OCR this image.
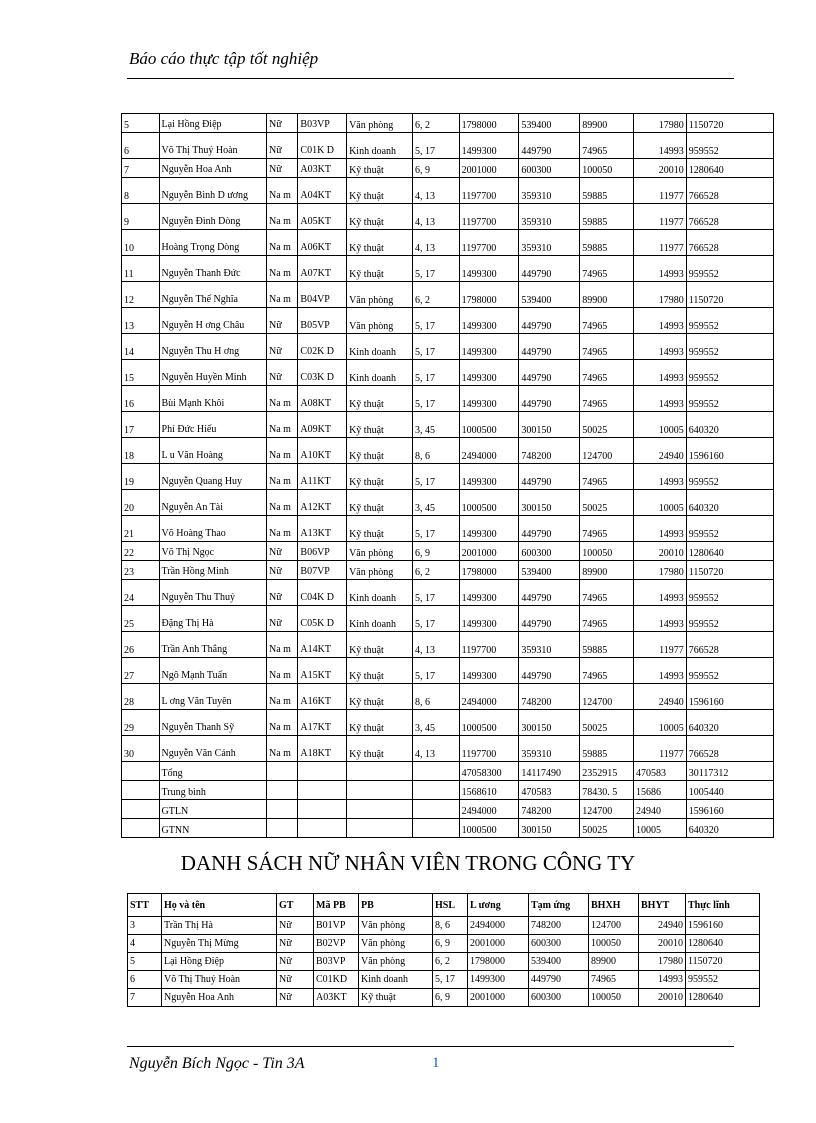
Báo cáo thực tập tốt nghiệp
5	Lại Hồng Điệp	Nữ	B03VP	Văn phòng	6, 2	1798000	539400	89900	17980	1150720
6	Võ Thị Thuý Hoàn	Nữ	C01K D	Kinh doanh	5, 17	1499300	449790	74965	14993	959552
7	Nguyễn Hoa Anh	Nữ	A03KT	Kỹ thuật	6, 9	2001000	600300	100050	20010	1280640
8	Nguyễn Bình D ương	Na m	A04KT	Kỹ thuật	4, 13	1197700	359310	59885	11977	766528
9	Nguyễn Đình Dòng	Na m	A05KT	Kỹ thuật	4, 13	1197700	359310	59885	11977	766528
10	Hoàng Trọng Dòng	Na m	A06KT	Kỹ thuật	4, 13	1197700	359310	59885	11977	766528
11	Nguyễn Thanh Đức	Na m	A07KT	Kỹ thuật	5, 17	1499300	449790	74965	14993	959552
12	Nguyễn Thế Nghĩa	Na m	B04VP	Văn phòng	6, 2	1798000	539400	89900	17980	1150720
13	Nguyễn H ơng Châu	Nữ	B05VP	Văn phòng	5, 17	1499300	449790	74965	14993	959552
14	Nguyễn Thu H ơng	Nữ	C02K D	Kinh doanh	5, 17	1499300	449790	74965	14993	959552
15	Nguyễn Huyền Minh	Nữ	C03K D	Kinh doanh	5, 17	1499300	449790	74965	14993	959552
16	Bùi Mạnh Khôi	Na m	A08KT	Kỹ thuật	5, 17	1499300	449790	74965	14993	959552
17	Phí Đức Hiếu	Na m	A09KT	Kỹ thuật	3, 45	1000500	300150	50025	10005	640320
18	L u Văn Hoàng	Na m	A10KT	Kỹ thuật	8, 6	2494000	748200	124700	24940	1596160
19	Nguyễn Quang Huy	Na m	A11KT	Kỹ thuật	5, 17	1499300	449790	74965	14993	959552
20	Nguyễn An Tài	Na m	A12KT	Kỹ thuật	3, 45	1000500	300150	50025	10005	640320
21	Võ Hoàng Thao	Na m	A13KT	Kỹ thuật	5, 17	1499300	449790	74965	14993	959552
22	Võ Thị Ngọc	Nữ	B06VP	Văn phòng	6, 9	2001000	600300	100050	20010	1280640
23	Trần Hồng Minh	Nữ	B07VP	Văn phòng	6, 2	1798000	539400	89900	17980	1150720
24	Nguyễn Thu Thuỷ	Nữ	C04K D	Kinh doanh	5, 17	1499300	449790	74965	14993	959552
25	Đặng Thị Hà	Nữ	C05K D	Kinh doanh	5, 17	1499300	449790	74965	14993	959552
26	Trần Anh Thắng	Na m	A14KT	Kỹ thuật	4, 13	1197700	359310	59885	11977	766528
27	Ngô Mạnh Tuấn	Na m	A15KT	Kỹ thuật	5, 17	1499300	449790	74965	14993	959552
28	L ơng Văn Tuyên	Na m	A16KT	Kỹ thuật	8, 6	2494000	748200	124700	24940	1596160
29	Nguyễn Thanh Sỹ	Na m	A17KT	Kỹ thuật	3, 45	1000500	300150	50025	10005	640320
30	Nguyễn Văn Cảnh	Na m	A18KT	Kỹ thuật	4, 13	1197700	359310	59885	11977	766528
	Tổng					47058300	14117490	2352915	470583	30117312
	Trung bình					1568610	470583	78430. 5	15686	1005440
	GTLN					2494000	748200	124700	24940	1596160
	GTNN					1000500	300150	50025	10005	640320
DANH SÁCH NỮ NHÂN VIÊN TRONG CÔNG TY
STT	Họ và tên	GT	Mã PB	PB	HSL	L ương	Tạm ứng	BHXH	BHYT	Thực lĩnh
3	Trần Thị Hà	Nữ	B01VP	Văn phòng	8, 6	2494000	748200	124700	24940	1596160
4	Nguyễn Thị Mừng	Nữ	B02VP	Văn phòng	6, 9	2001000	600300	100050	20010	1280640
5	Lại Hồng Điệp	Nữ	B03VP	Văn phòng	6, 2	1798000	539400	89900	17980	1150720
6	Võ Thị Thuý Hoàn	Nữ	C01KD	Kinh doanh	5, 17	1499300	449790	74965	14993	959552
7	Nguyễn Hoa Anh	Nữ	A03KT	Kỹ thuật	6, 9	2001000	600300	100050	20010	1280640
Nguyễn Bích Ngọc - Tin 3A	1
